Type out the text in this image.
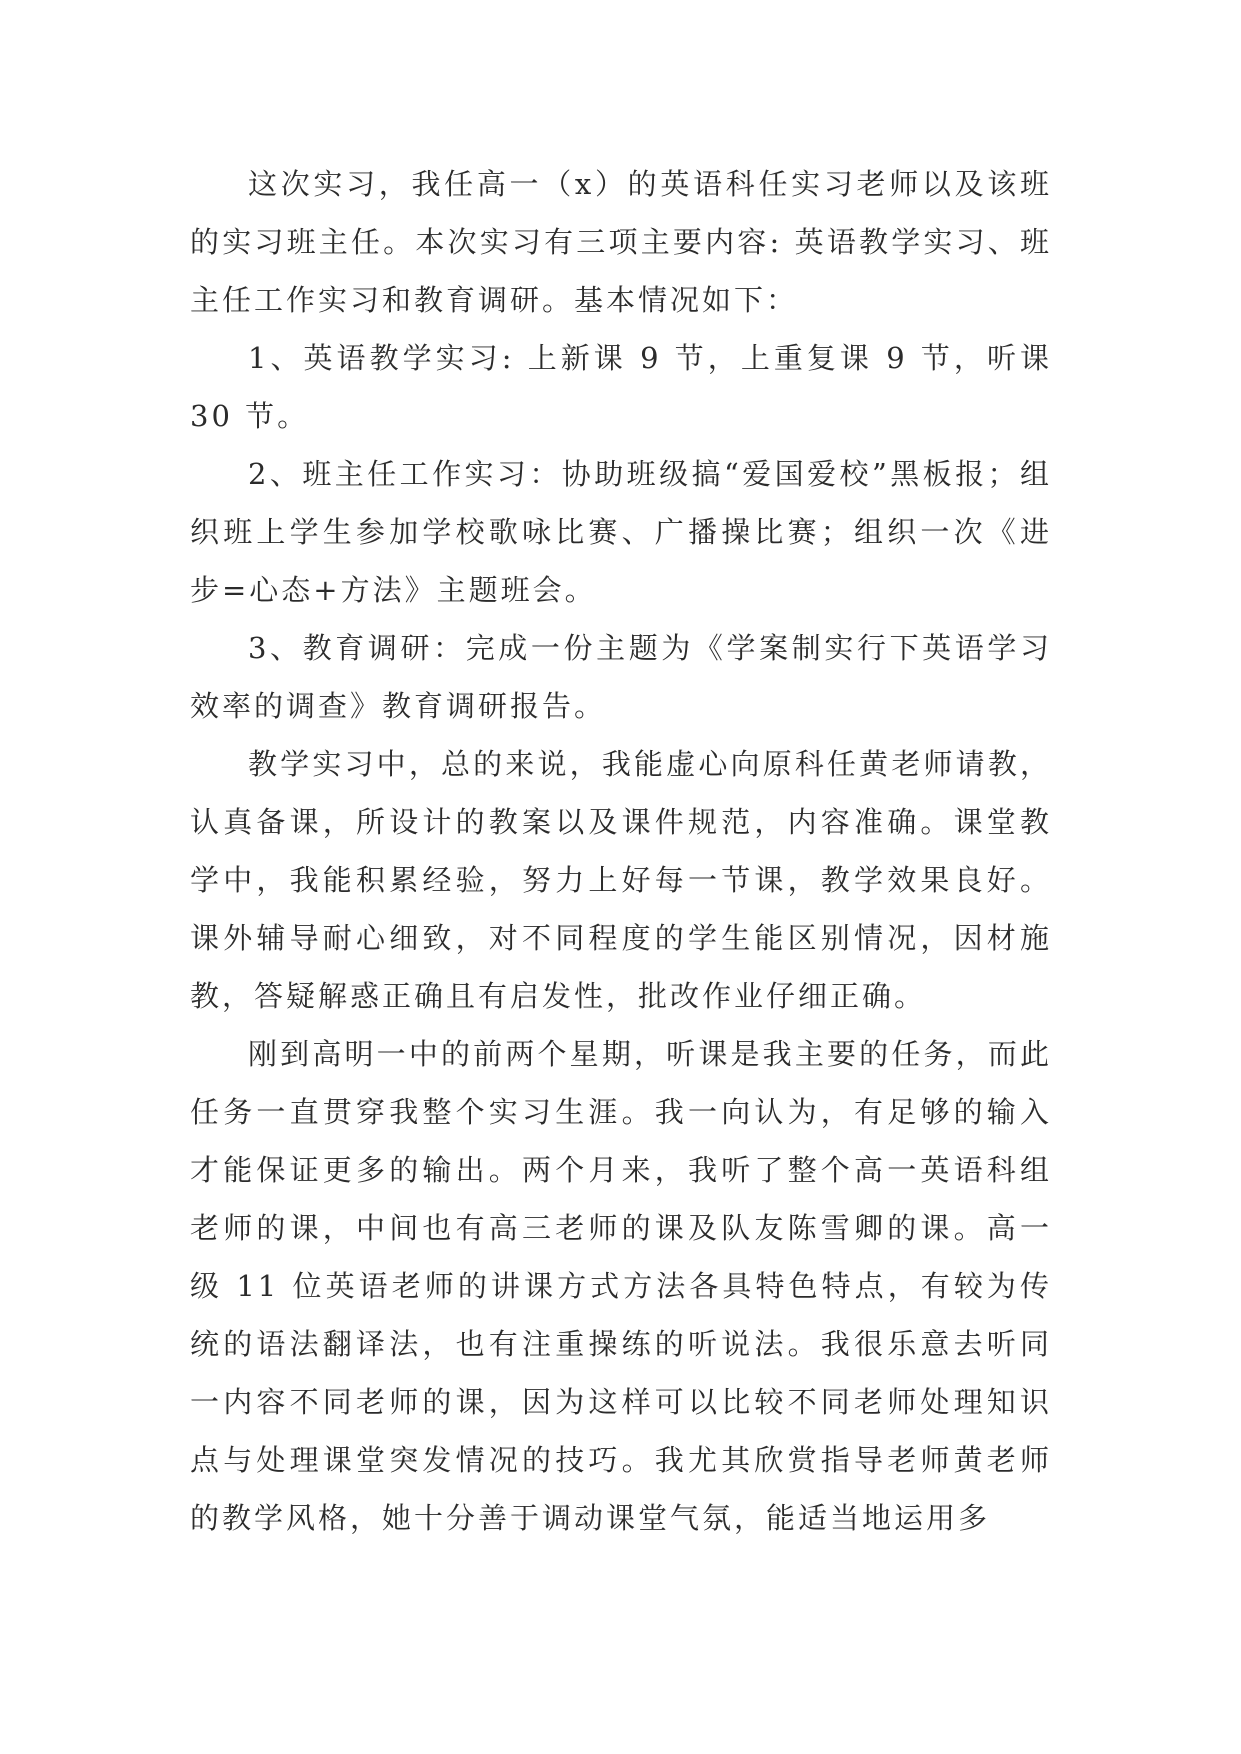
这次实习，我任高一（x）的英语科任实习老师以及该班的实习班主任。本次实习有三项主要内容: 英语教学实习、班主任工作实习和教育调研。基本情况如下：

1、英语教学实习: 上新课 9 节，上重复课 9 节，听课 30 节。

2、班主任工作实习：协助班级搞“爱国爱校”黑板报；组织班上学生参加学校歌咏比赛、广播操比赛；组织一次《进步=心态+方法》主题班会。

3、教育调研：完成一份主题为《学案制实行下英语学习效率的调查》教育调研报告。

教学实习中，总的来说，我能虚心向原科任黄老师请教，认真备课，所设计的教案以及课件规范，内容准确。课堂教学中，我能积累经验，努力上好每一节课，教学效果良好。课外辅导耐心细致，对不同程度的学生能区别情况，因材施教，答疑解惑正确且有启发性，批改作业仔细正确。

刚到高明一中的前两个星期，听课是我主要的任务，而此任务一直贯穿我整个实习生涯。我一向认为，有足够的输入才能保证更多的输出。两个月来，我听了整个高一英语科组老师的课，中间也有高三老师的课及队友陈雪卿的课。高一级 11 位英语老师的讲课方式方法各具特色特点，有较为传统的语法翻译法，也有注重操练的听说法。我很乐意去听同一内容不同老师的课，因为这样可以比较不同老师处理知识点与处理课堂突发情况的技巧。我尤其欣赏指导老师黄老师的教学风格，她十分善于调动课堂气氛，能适当地运用多
